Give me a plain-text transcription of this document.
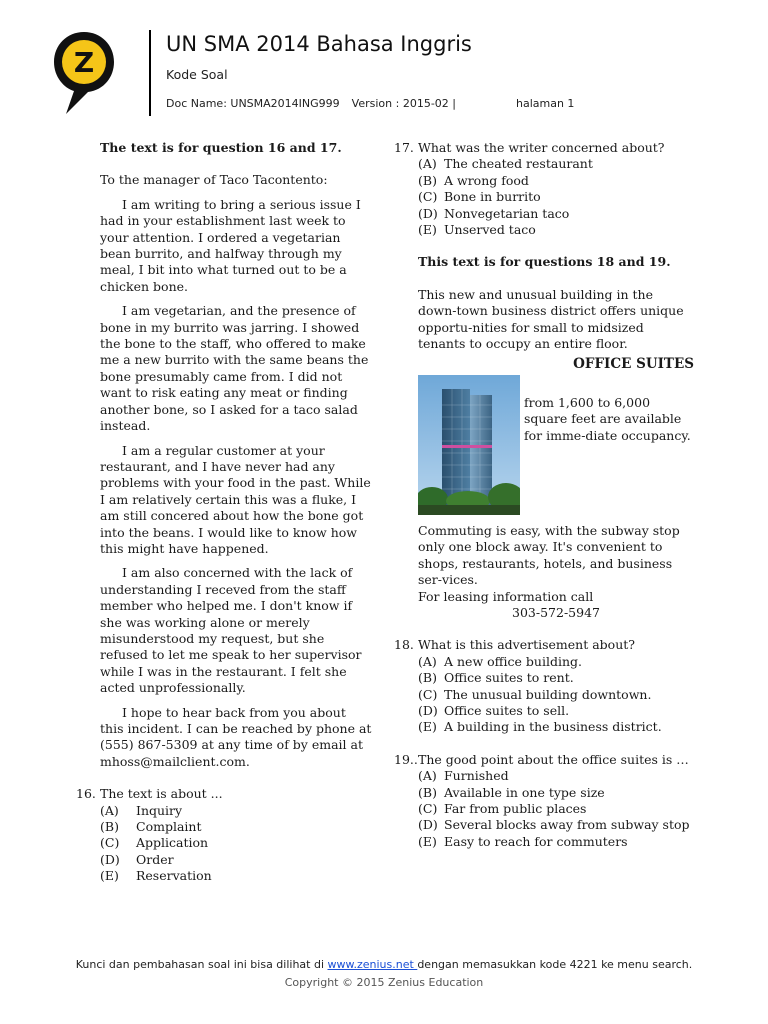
Z
UN SMA 2014 Bahasa Inggris
Kode Soal
Doc Name: UNSMA2014ING999 Version : 2015-02 |	halaman 1

The text is for question 16 and 17.

To the manager of Taco Tacontento:

I am writing to bring a serious issue I had in your establishment last week to your attention. I ordered a vegetarian bean burrito, and halfway through my meal, I bit into what turned out to be a chicken bone.

I am vegetarian, and the presence of bone in my burrito was jarring. I showed the bone to the staff, who offered to make me a new burrito with the same beans the bone presumably came from. I did not want to risk eating any meat or finding another bone, so I asked for a taco salad instead.

I am a regular customer at your restaurant, and I have never had any problems with your food in the past. While I am relatively certain this was a fluke, I am still concered about how the bone got into the beans. I would like to know how this might have happened.

I am also concerned with the lack of understanding I receved from the staff member who helped me. I don't know if she was working alone or merely misunderstood my request, but she refused to let me speak to her supervisor while I was in the restaurant. I felt she acted unprofessionally.

I hope to hear back from you about this incident. I can be reached by phone at (555) 867-5309 at any time of by email at mhoss@mailclient.com.

16. The text is about ...
(A)	Inquiry
(B)	Complaint
(C)	Application
(D)	Order
(E)	Reservation
17. What was the writer concerned about?
(A) The cheated restaurant
(B) A wrong food
(C) Bone in burrito
(D) Nonvegetarian taco
(E) Unserved taco

This text is for questions 18 and 19.

This new and unusual building in the down-town business district offers unique opportu-nities for small to midsized tenants to occupy an entire floor.

OFFICE SUITES

from 1,600 to 6,000 square feet are available for imme-diate occupancy.

Commuting is easy, with the subway stop only one block away. It's convenient to shops, restaurants, hotels, and business ser-vices.

For leasing information call

303-572-5947

18. What is this advertisement about?
(A) A new office building.
(B) Office suites to rent.
(C) The unusual building downtown.
(D) Office suites to sell.
(E) A building in the business district.
19.. The good point about the office suites is …
(A) Furnished
(B) Available in one type size
(C) Far from public places
(D) Several blocks away from subway stop
(E) Easy to reach for commuters
Kunci dan pembahasan soal ini bisa dilihat di www.zenius.net dengan memasukkan kode 4221 ke menu search.
Copyright © 2015 Zenius Education
